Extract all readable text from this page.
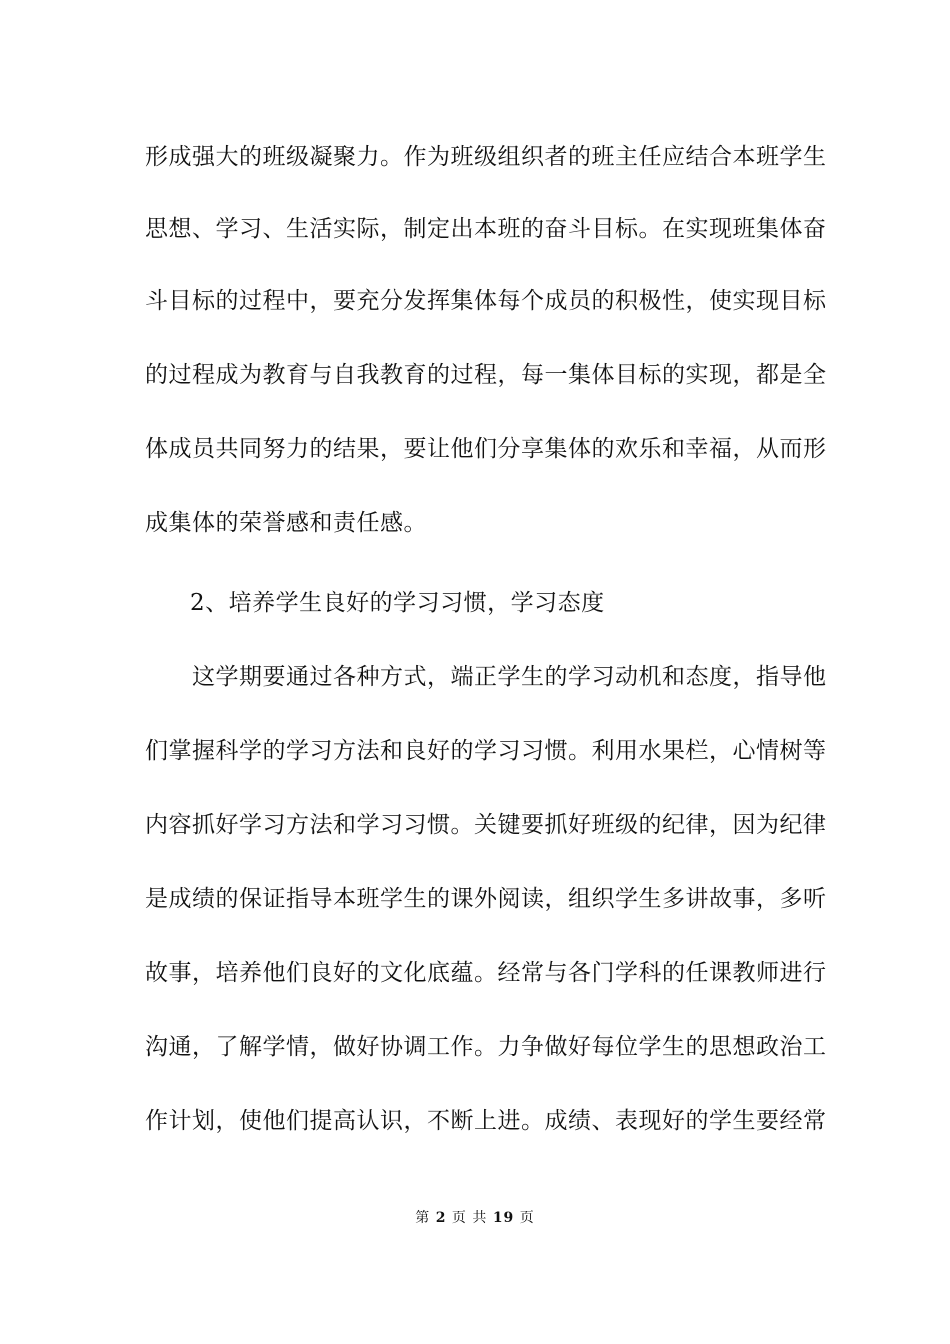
形成强大的班级凝聚力。作为班级组织者的班主任应结合本班学生
思想、学习、生活实际，制定出本班的奋斗目标。在实现班集体奋
斗目标的过程中，要充分发挥集体每个成员的积极性，使实现目标
的过程成为教育与自我教育的过程，每一集体目标的实现，都是全
体成员共同努力的结果，要让他们分享集体的欢乐和幸福，从而形
成集体的荣誉感和责任感。
2、培养学生良好的学习习惯，学习态度
这学期要通过各种方式，端正学生的学习动机和态度，指导他
们掌握科学的学习方法和良好的学习习惯。利用水果栏，心情树等
内容抓好学习方法和学习习惯。关键要抓好班级的纪律，因为纪律
是成绩的保证指导本班学生的课外阅读，组织学生多讲故事，多听
故事，培养他们良好的文化底蕴。经常与各门学科的任课教师进行
沟通，了解学情，做好协调工作。力争做好每位学生的思想政治工
作计划，使他们提高认识，不断上进。成绩、表现好的学生要经常
第 2 页 共 19 页
